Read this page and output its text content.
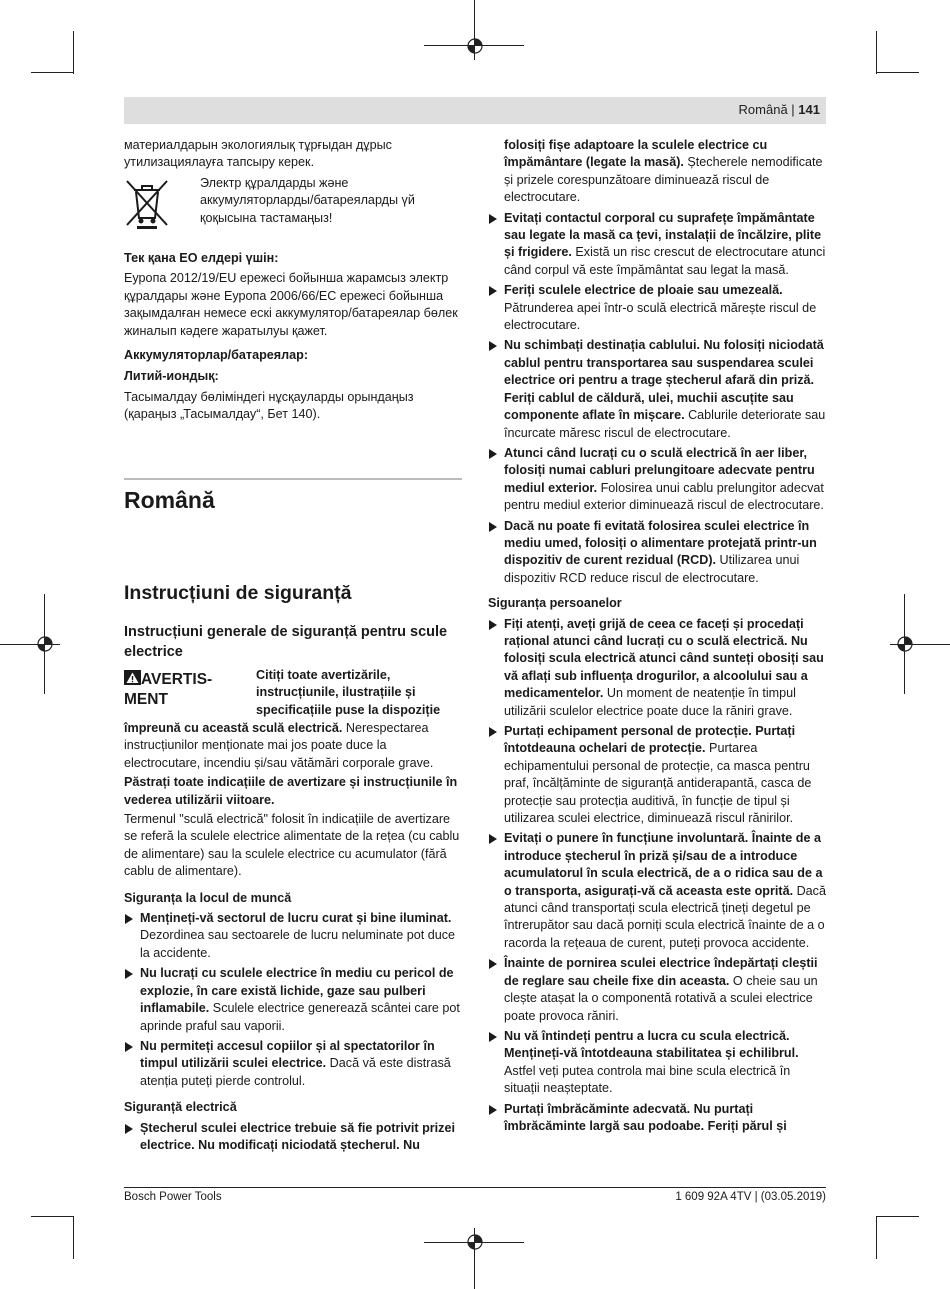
Română | 141

материалдарын экологиялық тұрғыдан дұрыс утилизациялауға тапсыру керек.

Электр құралдарды және аккумуляторларды/батареяларды үй қоқысына тастамаңыз!

Тек қана ЕО елдері үшін:

Еуропа 2012/19/EU ережесі бойынша жарамсыз электр құралдары және Еуропа 2006/66/ЕС ережесі бойынша зақымдалған немесе ескі аккумулятор/батареялар бөлек жиналып кәдеге жаратылуы қажет.

Аккумуляторлар/батареялар:

Литий-иондық:

Тасымалдау бөліміндегі нұсқауларды орындаңыз (қараңыз „Тасымалдау“, Бет 140).

Română
Instrucțiuni de siguranță
Instrucțiuni generale de siguranță pentru scule electrice
AVERTIS-
MENT

Citiți toate avertizările, instrucțiunile, ilustrațiile și specificațiile puse la dispoziție

împreună cu această sculă electrică. Nerespectarea instrucțiunilor menționate mai jos poate duce la electrocutare, incendiu și/sau vătămări corporale grave.

Păstrați toate indicațiile de avertizare și instrucțiunile în vederea utilizării viitoare.

Termenul "sculă electrică" folosit în indicațiile de avertizare se referă la sculele electrice alimentate de la rețea (cu cablu de alimentare) sau la sculele electrice cu acumulator (fără cablu de alimentare).

Siguranța la locul de muncă

Mențineți-vă sectorul de lucru curat și bine iluminat. Dezordinea sau sectoarele de lucru neluminate pot duce la accidente.

Nu lucrați cu sculele electrice în mediu cu pericol de explozie, în care există lichide, gaze sau pulberi inflamabile. Sculele electrice generează scântei care pot aprinde praful sau vaporii.

Nu permiteți accesul copiilor și al spectatorilor în timpul utilizării sculei electrice. Dacă vă este distrasă atenția puteți pierde controlul.

Siguranță electrică

Ștecherul sculei electrice trebuie să fie potrivit prizei electrice. Nu modificați niciodată ștecherul. Nu

folosiți fișe adaptoare la sculele electrice cu împământare (legate la masă). Ștecherele nemodificate și prizele corespunzătoare diminuează riscul de electrocutare.

Evitați contactul corporal cu suprafețe împământate sau legate la masă ca țevi, instalații de încălzire, plite și frigidere. Există un risc crescut de electrocutare atunci când corpul vă este împământat sau legat la masă.

Feriți sculele electrice de ploaie sau umezeală. Pătrunderea apei într-o sculă electrică mărește riscul de electrocutare.

Nu schimbați destinația cablului. Nu folosiți niciodată cablul pentru transportarea sau suspendarea sculei electrice ori pentru a trage ștecherul afară din priză. Feriți cablul de căldură, ulei, muchii ascuțite sau componente aflate în mișcare. Cablurile deteriorate sau încurcate măresc riscul de electrocutare.

Atunci când lucrați cu o sculă electrică în aer liber, folosiți numai cabluri prelungitoare adecvate pentru mediul exterior. Folosirea unui cablu prelungitor adecvat pentru mediul exterior diminuează riscul de electrocutare.

Dacă nu poate fi evitată folosirea sculei electrice în mediu umed, folosiți o alimentare protejată printr-un dispozitiv de curent rezidual (RCD). Utilizarea unui dispozitiv RCD reduce riscul de electrocutare.

Siguranța persoanelor

Fiți atenți, aveți grijă de ceea ce faceți și procedați rațional atunci când lucrați cu o sculă electrică. Nu folosiți scula electrică atunci când sunteți obosiți sau vă aflați sub influența drogurilor, a alcoolului sau a medicamentelor. Un moment de neatenție în timpul utilizării sculelor electrice poate duce la răniri grave.

Purtați echipament personal de protecție. Purtați întotdeauna ochelari de protecție. Purtarea echipamentului personal de protecție, ca masca pentru praf, încălțăminte de siguranță antiderapantă, casca de protecție sau protecția auditivă, în funcție de tipul și utilizarea sculei electrice, diminuează riscul rănirilor.

Evitați o punere în funcțiune involuntară. Înainte de a introduce ștecherul în priză și/sau de a introduce acumulatorul în scula electrică, de a o ridica sau de a o transporta, asigurați-vă că aceasta este oprită. Dacă atunci când transportați scula electrică țineți degetul pe întrerupător sau dacă porniți scula electrică înainte de a o racorda la rețeaua de curent, puteți provoca accidente.

Înainte de pornirea sculei electrice îndepărtați cleștii de reglare sau cheile fixe din aceasta. O cheie sau un clește atașat la o componentă rotativă a sculei electrice poate provoca răniri.

Nu vă întindeți pentru a lucra cu scula electrică. Mențineți-vă întotdeauna stabilitatea și echilibrul. Astfel veți putea controla mai bine scula electrică în situații neașteptate.

Purtați îmbrăcăminte adecvată. Nu purtați îmbrăcăminte largă sau podoabe. Feriți părul și

Bosch Power Tools	1 609 92A 4TV | (03.05.2019)
